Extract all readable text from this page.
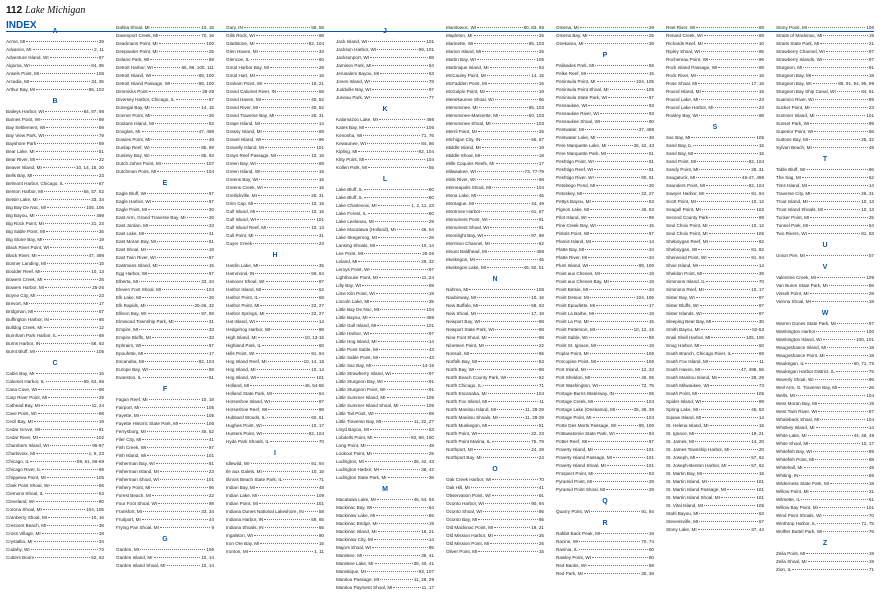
112 Lake Michigan
INDEX
A
Acme, MI	29
Advance, MI	2, 11
Adventure Island, WI	97
Algoma, WI	84, 95
Ansels Point, MI	106
Arcadia, MI	34, 35
Arthur Bay, MI	96, 102
B
Baileys Harbor, WI	84, 97, 98
Barnes Point, WI	89
Bay Settlement, WI	89
Bay View Park, WI	79
Bayshore Park	89
Bear Lake, MI	51
Bear River, MI	22
Beaver Island, MI	10, 14, 15, 20
Bells Bay, MI	23
Belmont Harbor, Chicago, IL	67
Benton Harbor, MI	56, 57, 62
Betsie Lake, MI	33, 34
Big Bay De Noc, MI	105, 106
Big Bayou, MI	498
Big Rock Point, MI	21, 23
Big Sable Point, MI	35
Big Stone Bay, MI	19
Black River Point, WI	81
Black River, MI	47, 498
Bonner Landing, MI	15
Boulder Reef, MI	10, 13
Bowers Creek, MI	25
Bowers Harbor, MI	25-26
Boyne City, MI	23
Brevort, MI	17
Bridgman, MI	57
Buffington Harbor, IN	65
Bulldog Creek, MI	12
Burnham Park Harbor, IL	69
Burns Harbor, IN	58, 63
Burnt Bluff, MI	105
C
Cabin Bay, MI	15
Calumet Harbor, IL	59, 64, 66
Cana Cove, WI	98
Carp River Point, MI	29
Cathead Bay, MI	11, 24
Cave Point, WI	88
Cecil Bay, MI	19
Cedar Grove, WI	81
Cedar River, MI	102
Chambers Island, WI	96-97
Charlevoix, MI	1, 9, 23
Chicago, IL	59, 61, 66-69
Chicago River, IL	69
Chippewa Point, MI	105
Clark Point Shoal, WI	56
Clemons Shoal, IL	53
Cleveland, WI	80
Corona Shoal, MI	104, 105
Cranberry Shoal, MI	10, 16
Crescent Beach, MI	38
Cross Village, MI	18
Crystallia, MI	34
Cudahy, WI	73
Cutters Boom	52, 53
Dahlia Shoal, MI	10, 18
Davenport Creek, MI	70, 16
Deadmans Point, MI	100
Deepwater Point, MI	25
Delano Park, WI	89
Detroit Harbor, WI	85, 98, 100, 111
Detroit Island, WI	88, 100
Detroit Island Passage, WI	98, 100
Dimmicks Point	28-29
Diversey Harbor, Chicago, IL	67
Donegal Bay, MI	14, 15
Donner Point, MI	26
Doolans Island, MI	52
Douglas, MI	47, 498
Dowies Point, MI	49
Dunlap Reef, WI	95, 99
Dunlevy Bay, WI	85, 93
Dutch Johns Point, MI	107
Dutchman Point, MI	104
E
Eagle Bluff, WI	97
Eagle Harbor, WI	97
Eagle Point, MI	30
East Arm, Grand Traverse Bay, MI	26
East Jordan, MI	23
East Lake, MI	41
East Moran Bay, MI	81
East Shoal, MI	18
East Twin River, WI	87
Eastmans Island, MI	15
Egg Harbor, WI	97
Elberta, MI	33, 34
Eleven Foot Shoal, MI	104
Elk Lake, MI	26
Elk Rapids, MI	25-26, 32
Ellison Bay, WI	97, 98
Elmwood Township Park, MI	31
Empire, MI	33
Empire Bluffs, MI	33
Ephraim, WI	97
Epoufette, MI	17
Escanaba, MI	92, 104
Europe Bay, WI	98
Evanston, IL	61
F
Fagan Reef, MI	10, 18
Fairport, MI	105
Fayette, MI	105
Fayette Historic State Park, MI	106
Ferrysburg, MI	45, 52
Filer City, MI	41
Fish Creek, WI	97
Fish Island, WI	101
Fisherman Bay, WI	81
Fisherman Island, MI	23
Fisherman Shoal, WI	101
Fishery Point, MI	96
Forest Beach, MI	22
Four Foot Shoal, WI	98
Frankfort, MI	33, 34
Fruitport, MI	44
Frying Pan Shoal, MI	9
G
Garden, MI	106
Garden Island, MI	10, 14
Garden Island Shoal, MI	10, 14
Gary, IN	58, 59
Gills Rock, WI	98
Gladstone, MI	92, 104
Glen Haven, MI	33
Glencoe, IL	60
Good Harbor Bay, MI	29
Good Hart, MI	18
Graham Point, WI	19, 21
Grand Calumet River, IN	59
Grand Haven, MI	45, 52
Grand River, MI	45, 52
Grand Traverse Bay, MI	26, 31
Grape Island, MI	14
Grassy Island, MI	89
Gravel Island, WI	96
Gravelly Island, MI	101
Grays Reef Passage, MI	10, 18
Green Bay, WI	89
Green Island, WI	19
Greens Bay, WI	15
Greens Creek, WI	15
Greilickville, MI	26, 31
Grim Cap, MI	10, 19
Gull Island, MI	10, 15
Gull Island, WI	101
Gull Island Reef, MI	10, 13
Gull Point, MI	31
Guyer Creek	23
H
Hardin Lake, MI	35
Hammond, IN	59, 64
Hanover Shoal, WI	97
Harbor Island, MI	52
Harbor Point, IL	68
Harbor Point, MI	22, 27
Harbor Springs, MI	22, 27
Hat Island, WI	14
Hedgehog Harbor, WI	98
High Island, MI	10, 13-15
Highland Park, IL	60
Hills Point, WI	91, 94
Hog Island Reef, MI	10, 14, 15
Hog Island, MI	10, 14
Hog Island, WI	101
Holland, MI	46, 54-55
Holland State Park, MI	54
Horseshoe Island, WI	97
Horseshoe Reef, WI	98
Hubbard Woods, IL	60, 61
Hughes Point, WI	10, 17
Hunters Point, WI	92, 104
Hyde Park Shoals, IL	70
I
Idlewild, WI	91, 94
Ile aux Galets, MI	10, 18
Illinois Beach State Park, IL	71
Indian Bay, MI	48
Indian Lake, MI	109
Indian Point, MI	101
Indiana Dunes National Lakeshore, IN	58
Indiana Harbor, IN	59, 65
Indiana Shoals, IN	66
Ingalston, WI	90
Iron Ore Bay, MI	15
Ironton, MI	1, 11
J
Jack Island, WI	101
Jackson Harbor, WI	99, 101
Jacksonport, WI	88
Jamison Park, MI	54
Jerusalem Bayou, MI	53
Jones Island, WI	78
Juddville Bay, WI	97
Juneau Park, WI	77
K
Kalamazoo Lake, MI	498
Kates Bay, MI	106
Kenosha, WI	71, 76
Kewaunee, WI	84, 86
Kipling, MI	92, 104
Kitty Point, MI	104
Kollen Park, MI	55
L
Lake Bluff, IL	60
Lake Bluff, IL	60
Lake Charlevoix, MI	1, 2, 11, 23
Lake Forest, IL	60
Lake Leelanau, MI	29
Lake Macatawa (Holland), MI	46, 54
Lake Skegemog, MI	26
Lansing Shoals, MI	10, 14
Lee Point, MI	25-26
Leland, MI	29, 32
Leroys Point, WI	97
Lighthouse Point, MI	11, 24
Lilly Bay, WI	89
Lime Kiln Point, WI	19
Lincoln Lake, MI	35
Little Bay De Noc, MI	104
Little Bayou, MI	498
Little Gull Island, MI	101
Little Harbor, WI	97
Little Hog Island, MI	14
Little Point Sable, MI	43
Little Sable Point, MI	43
Little Sac Bay, MI	14-15
Little Strawberry Island, WI	97
Little Sturgeon Bay, WI	91
Little Sturgeon Point, WI	91
Little Summer Island, MI	105
Little Summer Island Shoal, MI	105
Little Tail Point, WI	89
Little Traverse Bay, MI	11, 22, 27
Lloyd Bayou, MI	53
Lobdells Point, MI	93, 98, 100
Long Point, MI	48
Lookout Point, MI	25
Ludington, MI	36, 42, 43
Ludington Harbor, MI	36, 42
Ludington State Park, MI	36
M
Macatawa Lake, MI	46, 54, 55
Mackinac Bay, WI	54
Mackinaw Lake, MI	55
Mackinac Bridge, MI	19
Mackinac Island, MI	16, 21
Mackinaw City, MI	14
Majors Shoal, WI	95
Manistee, MI	35, 41
Manistee Lake, MI	35, 40, 41
Manistique, MI	93, 107
Manitou Passage, MI	11, 28, 29
Manitou Payment Shoal, MI	11, 17
Manitowoc, WI	80, 83, 85
Mapleton, MI	25
Marinette, WI	95, 103
Marion Island, MI	25
Martin Bay, WI	105
Martinique Island, MI	53
McCauley Point, MI	14, 15
McFadden Point, MI	15
McGulpin Point, MI	19
Menekaunee Shoal, WI	96
Menominee, MI	95, 103
Menominee-Marinette, MI	60, 103
Menominee Shoal, MI	103
Merril Point, MI	25
Michigan City, IN	56, 67
Middle Island, MI	19
Middle Shoal, MI	18
Mille Coquins Reefs, MI	17
Milwaukee, WI	73, 77-79
Mink River, WI	98
Minneapolis Shoal, MI	104
Mona Lake, MI	45
Montague, MI	44, 49
Montrose Harbor	61, 67
Monument Point, WI	91
Monument Shoal, WI	91
Moonlight Bay, WI	97, 98
Morrison Channel, MI	62
Mount Baldhead, MI	498
Muskegon, MI	45
Muskegon Lake, MI	45, 50, 51
N
Nahma, MI	106
Naubinway, MI	10, 16
New Buffalo, MI	58, 63
New Shoal, MI	17, 18
Newport Bay, WI	98
Newport State Park, WI	98
Nine Foot Shoal, MI	98
Nineteen Point, MI	22
Nonsuit, MI	65
Norfolk Bay, MI	53
North Bay, WI	98
North Beach County Park, WI	52
North Chicago, IL	71
North Escanaba, MI	104
North Fox Island, MI	11
North Manitou Island, MI	11, 28-29
North Manitou Shoals, MI	11, 28-29
North Muskegon, MI	51
North Point, WI	22, 23
North Point Marina, IL	75, 79
Northport, MI	24, 29
Northport Bay, MI	24
O
Oak Creek Harbor, WI	70
Oak Hill, MI	41
Observation Point, WI	91
Oconto Harbor, WI	90, 94
Oconto Shoal, WI	95
Oconto Bay, MI	95
Old Mackinac Point, MI	19, 21
Old Mission Harbor, MI	25
Old Mission Point, MI	25
Oliver Point, MI	15
Omena, MI	29
Omena Bay, MI	25
Onekama, MI	39
P
Palisades Park, MI	56
Pelke Reef, MI	15
Peninsula Point, MI	104, 105
Peninsula Point Shoal, MI	105
Peninsula State Park, WI	97
Pensaukee, WI	93
Pensaukee River, WI	93
Pensaukee Shoal, WI	90
Pentwater, MI	37, 498
Pentwater Lake, MI	48
Pere Marquette Lake, MI	36, 42, 43
Pere Marquette Park, MI	51
Peshtigo Point, WI	91
Peshtigo Reef, WI	91
Peshtigo River, WI	90, 91
Petobego Pond, MI	26
Petoskey, MI	22, 27
Pettys Bayou, MI	53
Pigeon Lake, MI	46, 53
Pilot Island, WI	99
Pine Creek Bay, WI	15
Pistols Point, WI	97
Plamis Island, MI	14
Platte Bay, MI	34
Platte River, MI	34
Plum Island, WI	98, 100
Point aux Chenes, MI	19
Point aux Chenes Bay, MI	19
Point Betsie, MI	34
Point Detour, MI	104, 106
Point Epoufette, MI	17
Point La Barbe, MI	19
Point La Par, MI	15
Point Patterson, MI	10, 12, 16
Point Sable, WI	89
Point St. Ignace, MI	19
Poplar Point, MI	106
Porcupine Point, MI	106
Port Inland, MI	12, 23
Port Sheldon, MI	46, 55
Port Washington, WI	72, 75
Portage-Burns Waterway, IN	65
Portage Creek, MI	104
Portage Lake (Onekama), MI	35, 38, 39
Portage Point, MI	104
Porte Des Morts Passage, WI	98, 100
Pottawatomie State Park, WI	94
Potter Reef, WI	97
Poverty Island, MI	101
Poverty Island Passage, MI	101
Poverty Island Shoal, MI	101
Prospect Point, MI	53
Pyramid Point, MI	29
Pyramid Point Shoal, MI	29
Q
Quarry Point, WI	91, 94
R
Rabbit Back Peak, MI	19
Racine, WI	70, 74
Ravinia, IL	60
Rawley Point, WI	80
Red Banks, WI	89
Red Park, MI	35, 38
Reel River, WI	89
Renard Creek, WI	89
Richards Reef, MI	10
Ripley Shoal, WI	95
Rochereau Point, WI	96
Rock Island Passage, WI	99
Rock River, MI	18
Rose Shoal, MI	17, 18
Round Island, MI	19
Round Lake, MI	23
Round Lake Harbor, MI	23
Rowley Bay, WI	98
S
Sac Bay, MI	105
Sand Bay, IL	15
Sand Bay, MI	15
Sand Point, MI	92, 104
Sandy Point, MI	28, 31
Saugatuck, MI	46-47, 498
Saunders Point, MI	92, 104
Sawyer Harbor, WI	91, 94
Scott Point, MI	10, 12
Seagull Point, MI	102
Second County Park	89
Seul Choix Point, MI	10, 12
Seul Choix Point, MI	106
Sheboygan Reef, MI	82
Sheboygan, WI	81, 82
Sherwood Point, WI	91, 94
Shoe Island, MI	14
Sheldon Point, MI	39
Simmons Island, IL	70
Simmons Reef, MI	10, 17
Sister Bay, WI	97
Sister Bluffs, WI	97
Sister Islands, WI	97
Sleeping Bear Bay, MI	30
Smith Bayou, MI	52-53
Snail Shell Harbor, MI	105, 106
Snug Harbor, MI	50
South Branch, Chicago River, IL	69
South Fox Island, MI	11
South Haven, MI	47, 498, 56
South Manitou Island, MI	28, 29
South Milwaukee, WI	73
South Point, MI	105
Spider Island, WI	99
Spring Lake, MI	45, 53
Squaw Island, MI	14
St. Helena Island, MI	19
St. Ignace, MI	19, 21
St. James, MI	14, 20
St. James Township Harbor, MI	20
St. Joseph, MI	57, 62
St. Joseph-Benton Harbor, MI	57, 62
St. Martin Bay, MI	19
St. Martin Island, MI	101
St. Martin Island Passage, MI	101
St. Martin Island Shoal, MI	101
St. Vital Island, MI	105
Stahl Bayou, MI	53
Stevensville, MI	57
Stony Lake, MI	37, 44
Stony Point, MI	106
Straits of Mackinac, MI	19
Straits State Park, MI	21
Strawberry Channel, WI	97
Strawberry Islands, WI	97
Sturgeon, MI	91
Sturgeon Bay, MI	18
Sturgeon Bay, WI	88, 91, 94, 95, 99
Sturgeon Bay Ship Canal, WI	84, 91
Suamico River, WI	89
Sucker Point, MI	23
Summer Island, MI	101
Sunset Park, WI	99
Superior Point, WI	56
Suttons Bay, MI	25, 32
Sylvan Beach, MI	49
T
Table Bluff, WI	96
The Sag, MI	52
Tims Island, MI	14
Traverse City, MI	26, 31
Trout Island, MI	10, 13
Trout Island Shoals, MI	10, 13
Tucker Point, MI	25
Tunnel Park, MI	54
Two Rivers, WI	81, 83
U
Union Pier, MI	57
V
Valentine Creek, MI	109
Van Buren State Park, MI	56
Vissell Point, MI	28
Vienna Shoal, MI	18
W
Warren Dunes State Park, MI	57
Washington Harbor	100
Washington Island, WI	100, 101
Waugoshance Island, MI	18
Waugoshance Point, MI	18
Waukegan, IL	60, 71, 75
Waukegan Harbor District, IL	75
Waverly Shoal, WI	96
Weil Arm, G. Traverse Bay, MI	26
Wells, MI	104
West Moran Bay, MI	19
West Twin River, WI	87
Whaleback Shoal, MI	104
Whiskey Island, MI	14
White Lake, MI	44, 48, 49
White Shoal, MI	10, 17
Whitefish Bay, WI	89
Whitefish Point, MI	88
Whitehall, MI	49
Whiting, IN	59
Wilderness State Park, MI	18
Willow Point, MI	31
Wilmette, IL	61
Willow Bay Point, MI	101
Wind Point Shoals, WI	70
Winthrop Harbor, IL	71, 75
Wolfter Buttel Park, WI	76
Z
Zeila Point, MI	19
Zeila Shoal, MI	19
Zion, IL	71
